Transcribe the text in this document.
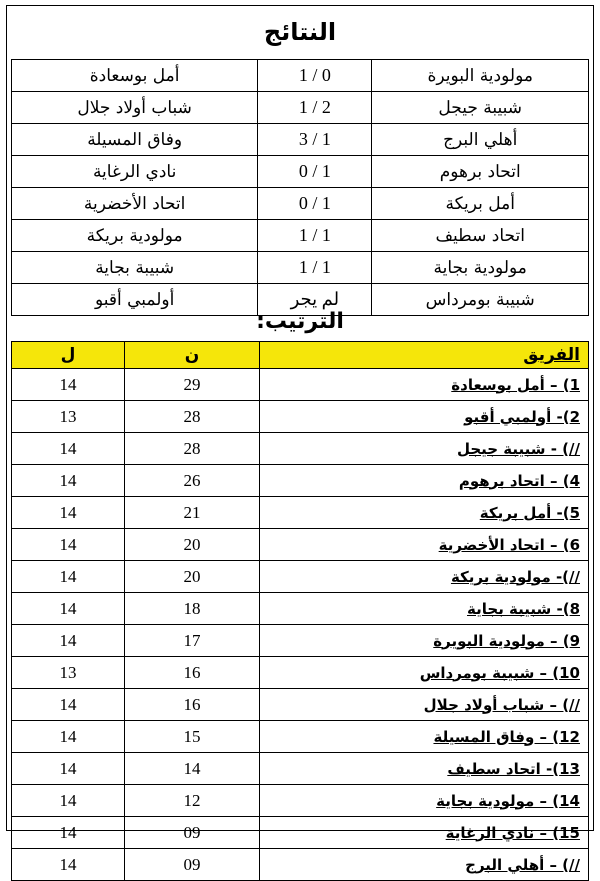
النتائج
مولودية البويرة	1 / 0	أمل بوسعادة
شبيبة جيجل	1 / 2	شباب أولاد جلال
أهلي البرج	3 / 1	وفاق المسيلة
اتحاد برهوم	0 / 1	نادي الرغاية
أمل بريكة	0 / 1	اتحاد الأخضرية
اتحاد سطيف	1 / 1	مولودية بريكة
مولودية بجاية	1 / 1	شبيبة بجاية
شبيبة بومرداس	لم يجر	أولمبي أقبو
الترتيب:
الفريق	ن	ل
1) – أمل بوسعادة	29	14
2)- أولمبي أقبو	28	13
//) - شبيبة جيجل	28	14
4) – اتحاد برهوم	26	14
5)- أمل بريكة	21	14
6) – اتحاد الأخضرية	20	14
//)- مولودية بريكة	20	14
8)- شبيبة بجاية	18	14
9) – مولودية البويرة	17	14
10) – شبيبة بومرداس	16	13
//) – شباب أولاد جلال	16	14
12) – وفاق المسيلة	15	14
13)- اتحاد سطيف	14	14
14) – مولودية بجاية	12	14
15) – نادي الرغاية	09	14
//) – أهلي البرج	09	14
